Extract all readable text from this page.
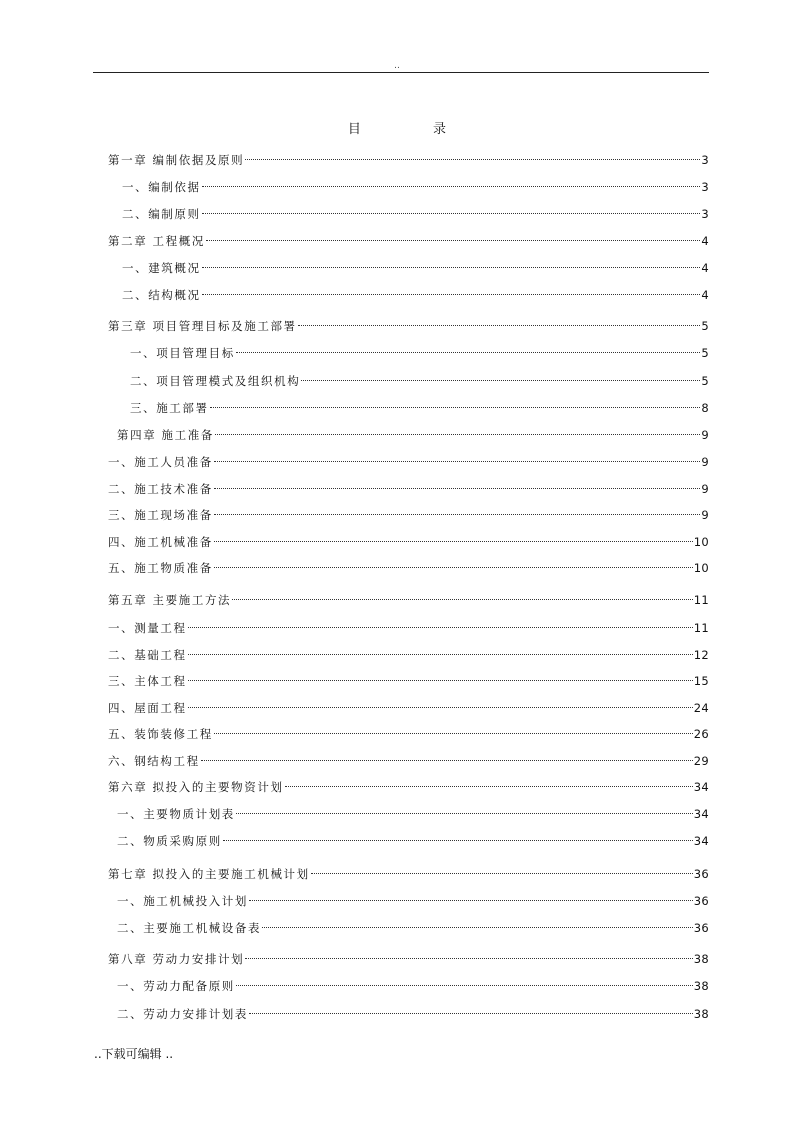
..
目 录
第一章 编制依据及原则	3
一、编制依据	3
二、编制原则	3
第二章 工程概况	4
一、建筑概况	4
二、结构概况	4
第三章 项目管理目标及施工部署	5
一、项目管理目标	5
二、项目管理模式及组织机构	5
三、施工部署	8
第四章 施工准备	9
一、施工人员准备	9
二、施工技术准备	9
三、施工现场准备	9
四、施工机械准备	10
五、施工物质准备	10
第五章 主要施工方法	11
一、测量工程	11
二、基础工程	12
三、主体工程	15
四、屋面工程	24
五、装饰装修工程	26
六、钢结构工程	29
第六章 拟投入的主要物资计划	34
一、主要物质计划表	34
二、物质采购原则	34
第七章 拟投入的主要施工机械计划	36
一、施工机械投入计划	36
二、主要施工机械设备表	36
第八章 劳动力安排计划	38
一、劳动力配备原则	38
二、劳动力安排计划表	38
..下载可编辑 ..
